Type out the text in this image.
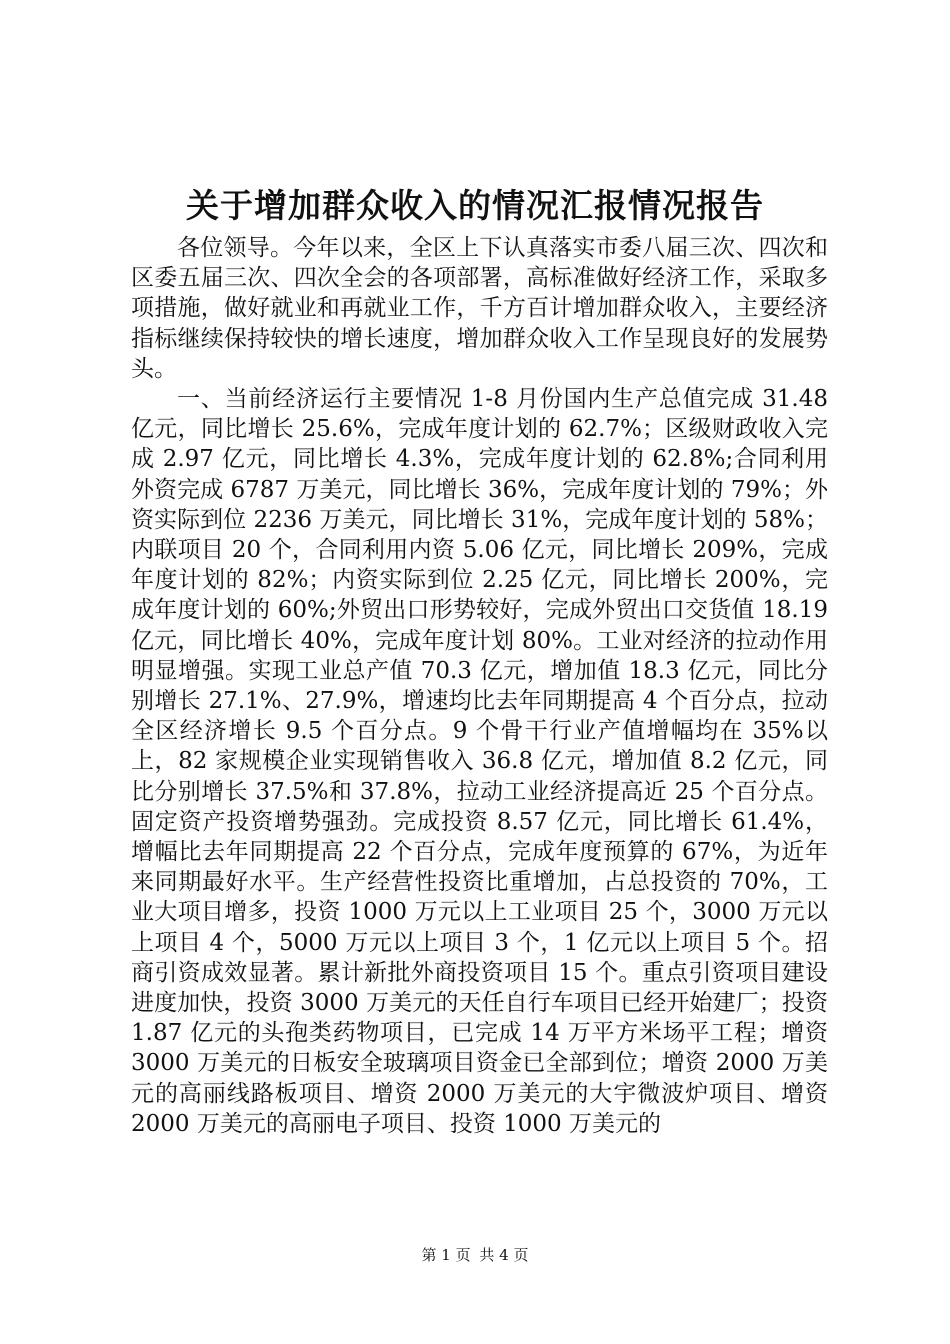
关于增加群众收入的情况汇报情况报告

各位领导。今年以来，全区上下认真落实市委八届三次、四次和区委五届三次、四次全会的各项部署，高标准做好经济工作，采取多项措施，做好就业和再就业工作，千方百计增加群众收入，主要经济指标继续保持较快的增长速度，增加群众收入工作呈现良好的发展势头。

一、当前经济运行主要情况 1-8 月份国内生产总值完成 31.48 亿元，同比增长 25.6%，完成年度计划的 62.7%；区级财政收入完成 2.97 亿元，同比增长 4.3%，完成年度计划的 62.8%;合同利用外资完成 6787 万美元，同比增长 36%，完成年度计划的 79%；外资实际到位 2236 万美元，同比增长 31%，完成年度计划的 58%；内联项目 20 个，合同利用内资 5.06 亿元，同比增长 209%，完成年度计划的 82%；内资实际到位 2.25 亿元，同比增长 200%，完成年度计划的 60%;外贸出口形势较好，完成外贸出口交货值 18.19 亿元，同比增长 40%，完成年度计划 80%。工业对经济的拉动作用明显增强。实现工业总产值 70.3 亿元，增加值 18.3 亿元，同比分别增长 27.1%、27.9%，增速均比去年同期提高 4 个百分点，拉动全区经济增长 9.5 个百分点。9 个骨干行业产值增幅均在 35%以上，82 家规模企业实现销售收入 36.8 亿元，增加值 8.2 亿元，同比分别增长 37.5%和 37.8%，拉动工业经济提高近 25 个百分点。固定资产投资增势强劲。完成投资 8.57 亿元，同比增长 61.4%，增幅比去年同期提高 22 个百分点，完成年度预算的 67%，为近年来同期最好水平。生产经营性投资比重增加，占总投资的 70%，工业大项目增多，投资 1000 万元以上工业项目 25 个，3000 万元以上项目 4 个，5000 万元以上项目 3 个，1 亿元以上项目 5 个。招商引资成效显著。累计新批外商投资项目 15 个。重点引资项目建设进度加快，投资 3000 万美元的天任自行车项目已经开始建厂；投资 1.87 亿元的头孢类药物项目，已完成 14 万平方米场平工程；增资 3000 万美元的日板安全玻璃项目资金已全部到位；增资 2000 万美元的高丽线路板项目、增资 2000 万美元的大宇微波炉项目、增资 2000 万美元的高丽电子项目、投资 1000 万美元的

第 1 页 共 4 页
